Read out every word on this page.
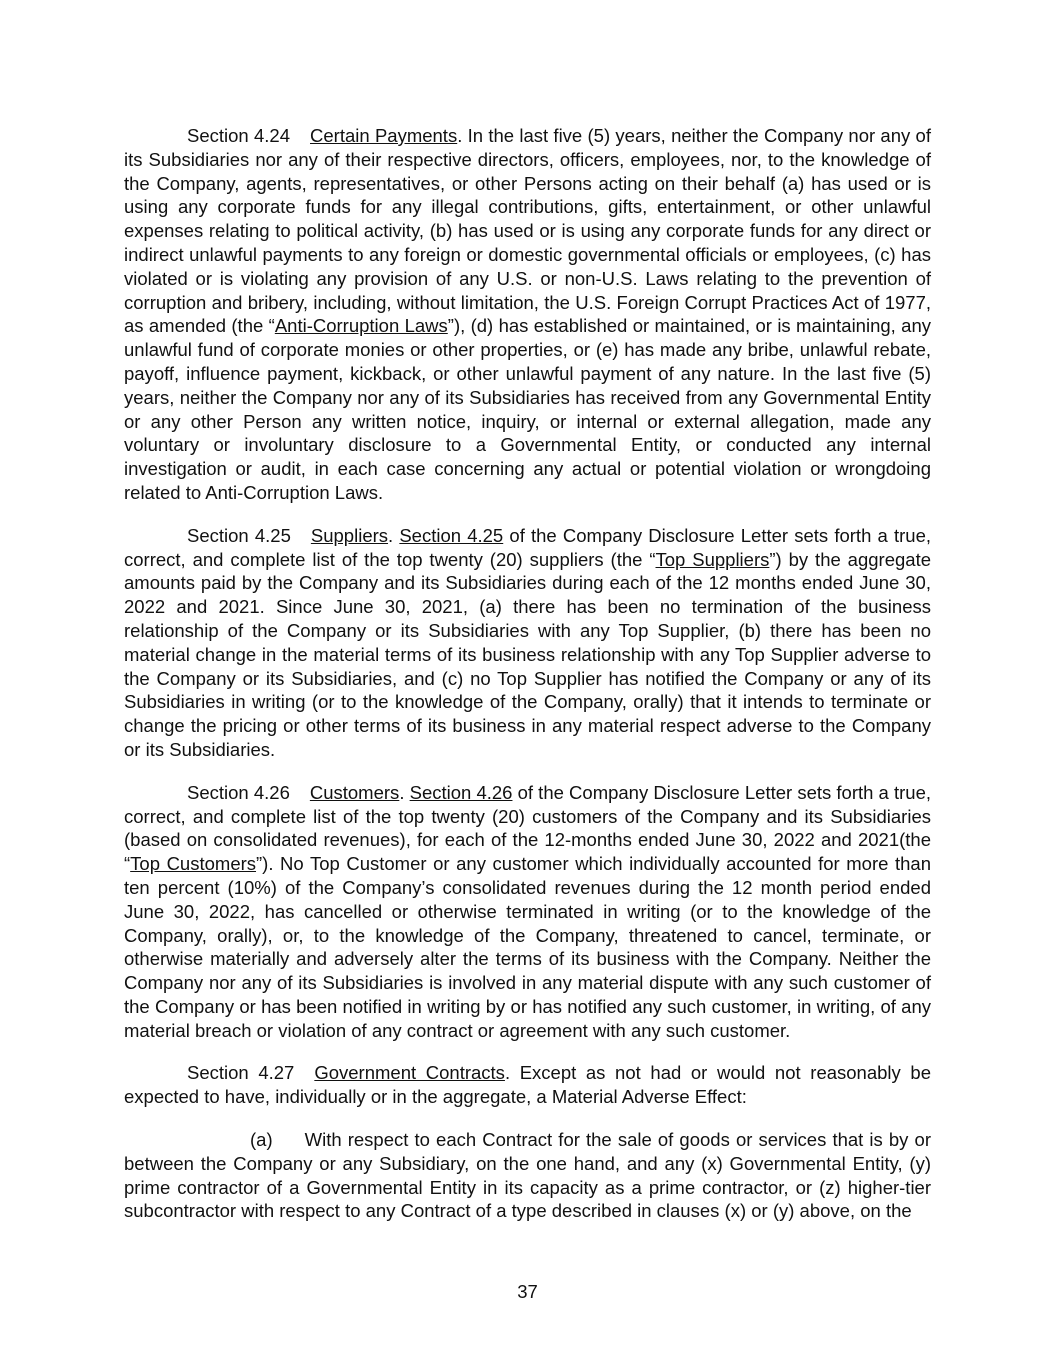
Section 4.24 Certain Payments. In the last five (5) years, neither the Company nor any of its Subsidiaries nor any of their respective directors, officers, employees, nor, to the knowledge of the Company, agents, representatives, or other Persons acting on their behalf (a) has used or is using any corporate funds for any illegal contributions, gifts, entertainment, or other unlawful expenses relating to political activity, (b) has used or is using any corporate funds for any direct or indirect unlawful payments to any foreign or domestic governmental officials or employees, (c) has violated or is violating any provision of any U.S. or non-U.S. Laws relating to the prevention of corruption and bribery, including, without limitation, the U.S. Foreign Corrupt Practices Act of 1977, as amended (the “Anti-Corruption Laws”), (d) has established or maintained, or is maintaining, any unlawful fund of corporate monies or other properties, or (e) has made any bribe, unlawful rebate, payoff, influence payment, kickback, or other unlawful payment of any nature. In the last five (5) years, neither the Company nor any of its Subsidiaries has received from any Governmental Entity or any other Person any written notice, inquiry, or internal or external allegation, made any voluntary or involuntary disclosure to a Governmental Entity, or conducted any internal investigation or audit, in each case concerning any actual or potential violation or wrongdoing related to Anti-Corruption Laws.

Section 4.25 Suppliers. Section 4.25 of the Company Disclosure Letter sets forth a true, correct, and complete list of the top twenty (20) suppliers (the “Top Suppliers”) by the aggregate amounts paid by the Company and its Subsidiaries during each of the 12 months ended June 30, 2022 and 2021. Since June 30, 2021, (a) there has been no termination of the business relationship of the Company or its Subsidiaries with any Top Supplier, (b) there has been no material change in the material terms of its business relationship with any Top Supplier adverse to the Company or its Subsidiaries, and (c) no Top Supplier has notified the Company or any of its Subsidiaries in writing (or to the knowledge of the Company, orally) that it intends to terminate or change the pricing or other terms of its business in any material respect adverse to the Company or its Subsidiaries.

Section 4.26 Customers. Section 4.26 of the Company Disclosure Letter sets forth a true, correct, and complete list of the top twenty (20) customers of the Company and its Subsidiaries (based on consolidated revenues), for each of the 12-months ended June 30, 2022 and 2021(the “Top Customers”). No Top Customer or any customer which individually accounted for more than ten percent (10%) of the Company’s consolidated revenues during the 12 month period ended June 30, 2022, has cancelled or otherwise terminated in writing (or to the knowledge of the Company, orally), or, to the knowledge of the Company, threatened to cancel, terminate, or otherwise materially and adversely alter the terms of its business with the Company. Neither the Company nor any of its Subsidiaries is involved in any material dispute with any such customer of the Company or has been notified in writing by or has notified any such customer, in writing, of any material breach or violation of any contract or agreement with any such customer.

Section 4.27 Government Contracts. Except as not had or would not reasonably be expected to have, individually or in the aggregate, a Material Adverse Effect:

(a) With respect to each Contract for the sale of goods or services that is by or between the Company or any Subsidiary, on the one hand, and any (x) Governmental Entity, (y) prime contractor of a Governmental Entity in its capacity as a prime contractor, or (z) higher-tier subcontractor with respect to any Contract of a type described in clauses (x) or (y) above, on the

37
